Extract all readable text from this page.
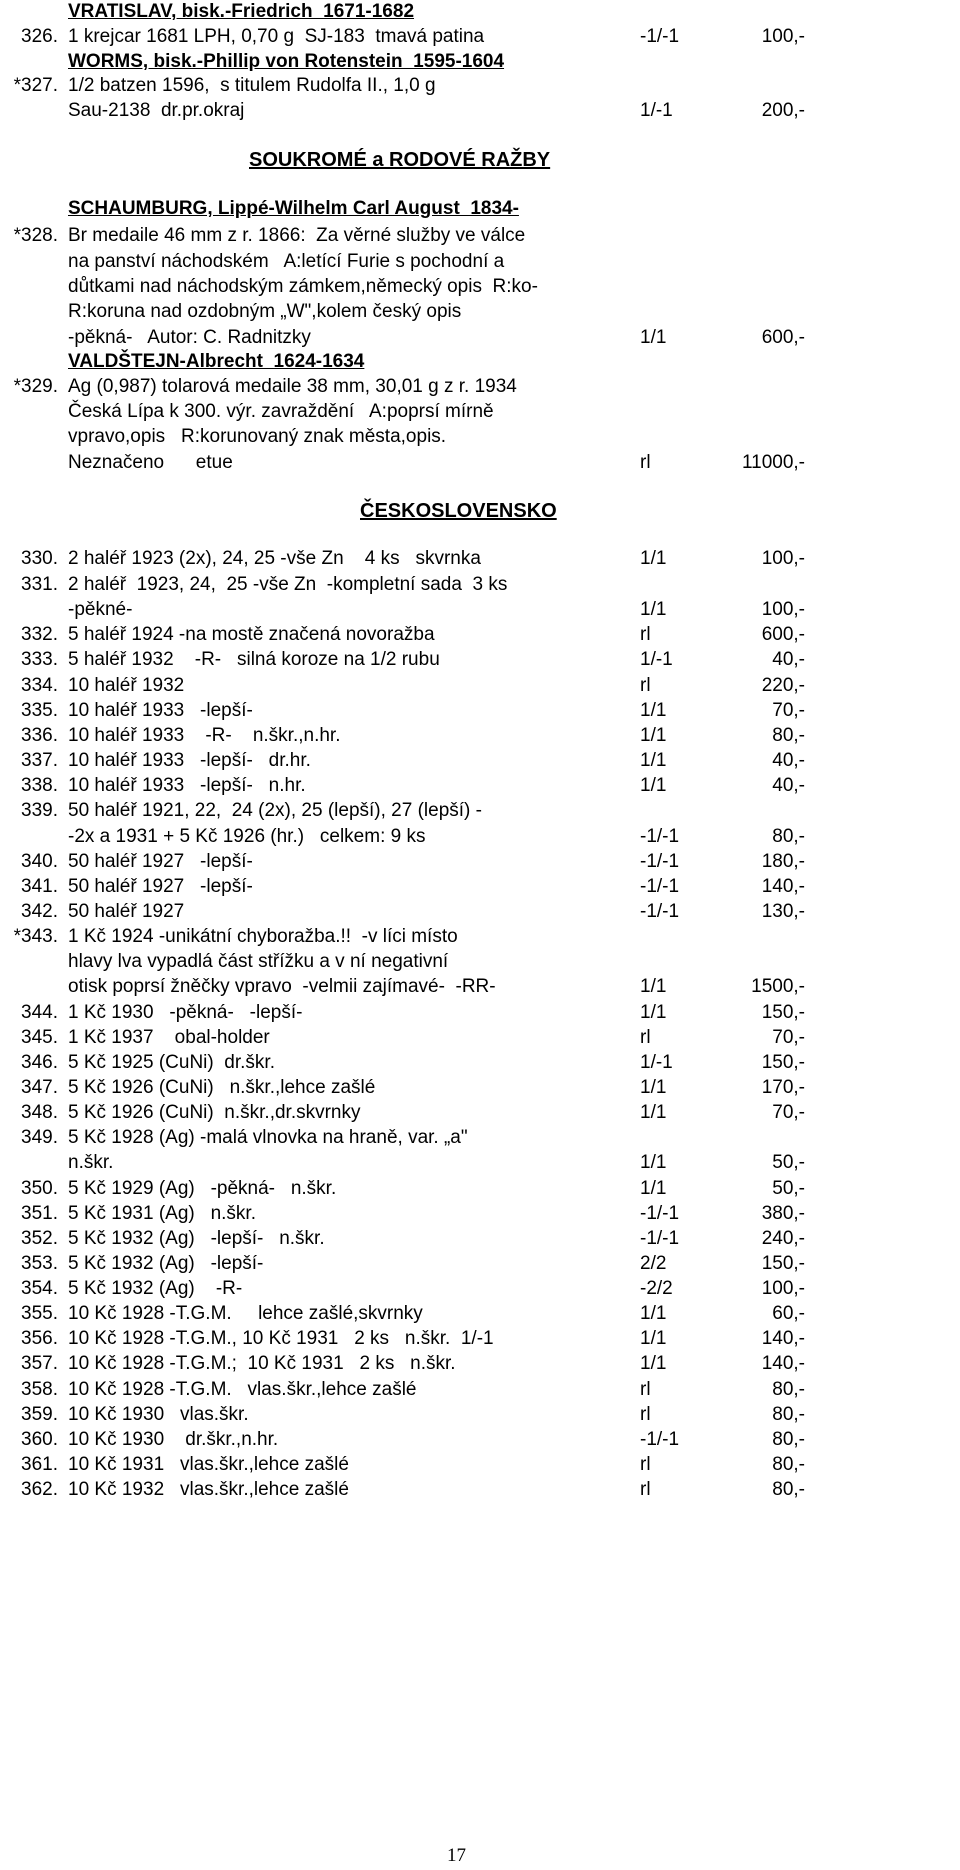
VRATISLAV, bisk.-Friedrich  1671-1682
326. 1 krejcar 1681 LPH, 0,70 g  SJ-183  tmavá patina	-1/-1	100,-
WORMS, bisk.-Phillip von Rotenstein  1595-1604
*327. 1/2 batzen 1596,  s titulem Rudolfa II., 1,0 g
Sau-2138  dr.pr.okraj	1/-1	200,-
SOUKROMÉ a RODOVÉ RAŽBY
SCHAUMBURG, Lippé-Wilhelm Carl August  1834-
*328. Br medaile 46 mm z r. 1866:  Za věrné služby ve válce
na panství náchodském   A:letící Furie s pochodní a
důtkami nad náchodským zámkem,německý opis  R:ko-
R:koruna nad ozdobným „W",kolem český opis
-pěkná-   Autor: C. Radnitzky	1/1	600,-
VALDŠTEJN-Albrecht  1624-1634
*329. Ag (0,987) tolarová medaile 38 mm, 30,01 g z r. 1934
Česká Lípa k 300. výr. zavraždění   A:poprsí mírně
vpravo,opis   R:korunovaný znak města,opis.
Neznačeno      etue	rl	11000,-
ČESKOSLOVENSKO
330. 2 haléř 1923 (2x), 24, 25 -vše Zn    4 ks   skvrnka	1/1	100,-
331. 2 haléř  1923, 24,  25 -vše Zn  -kompletní sada  3 ks
-pěkné-	1/1	100,-
332. 5 haléř 1924 -na mostě značená novoražba	rl	600,-
333. 5 haléř 1932    -R-   silná koroze na 1/2 rubu	1/-1	40,-
334. 10 haléř 1932	rl	220,-
335. 10 haléř 1933   -lepší-	1/1	70,-
336. 10 haléř 1933    -R-    n.škr.,n.hr.	1/1	80,-
337. 10 haléř 1933   -lepší-   dr.hr.	1/1	40,-
338. 10 haléř 1933   -lepší-   n.hr.	1/1	40,-
339. 50 haléř 1921, 22,  24 (2x), 25 (lepší), 27 (lepší) -
-2x a 1931 + 5 Kč 1926 (hr.)   celkem: 9 ks	-1/-1	80,-
340. 50 haléř 1927   -lepší-	-1/-1	180,-
341. 50 haléř 1927   -lepší-	-1/-1	140,-
342. 50 haléř 1927	-1/-1	130,-
*343. 1 Kč 1924 -unikátní chyboražba.!!  -v líci místo
hlavy lva vypadlá část střížku a v ní negativní
otisk poprsí žněčky vpravo  -velmii zajímavé-  -RR-	1/1	1500,-
344. 1 Kč 1930   -pěkná-   -lepší-	1/1	150,-
345. 1 Kč 1937    obal-holder	rl	70,-
346. 5 Kč 1925 (CuNi)  dr.škr.	1/-1	150,-
347. 5 Kč 1926 (CuNi)   n.škr.,lehce zašlé	1/1	170,-
348. 5 Kč 1926 (CuNi)  n.škr.,dr.skvrnky	1/1	70,-
349. 5 Kč 1928 (Ag) -malá vlnovka na hraně, var. „a"
n.škr.	1/1	50,-
350. 5 Kč 1929 (Ag)   -pěkná-   n.škr.	1/1	50,-
351. 5 Kč 1931 (Ag)   n.škr.	-1/-1	380,-
352. 5 Kč 1932 (Ag)   -lepší-   n.škr.	-1/-1	240,-
353. 5 Kč 1932 (Ag)   -lepší-	2/2	150,-
354. 5 Kč 1932 (Ag)    -R-	-2/2	100,-
355. 10 Kč 1928 -T.G.M.     lehce zašlé,skvrnky	1/1	60,-
356. 10 Kč 1928 -T.G.M., 10 Kč 1931   2 ks   n.škr.  1/-1	1/1	140,-
357. 10 Kč 1928 -T.G.M.;  10 Kč 1931   2 ks   n.škr.	1/1	140,-
358. 10 Kč 1928 -T.G.M.   vlas.škr.,lehce zašlé	rl	80,-
359. 10 Kč 1930   vlas.škr.	rl	80,-
360. 10 Kč 1930    dr.škr.,n.hr.	-1/-1	80,-
361. 10 Kč 1931   vlas.škr.,lehce zašlé	rl	80,-
362. 10 Kč 1932   vlas.škr.,lehce zašlé	rl	80,-
17
